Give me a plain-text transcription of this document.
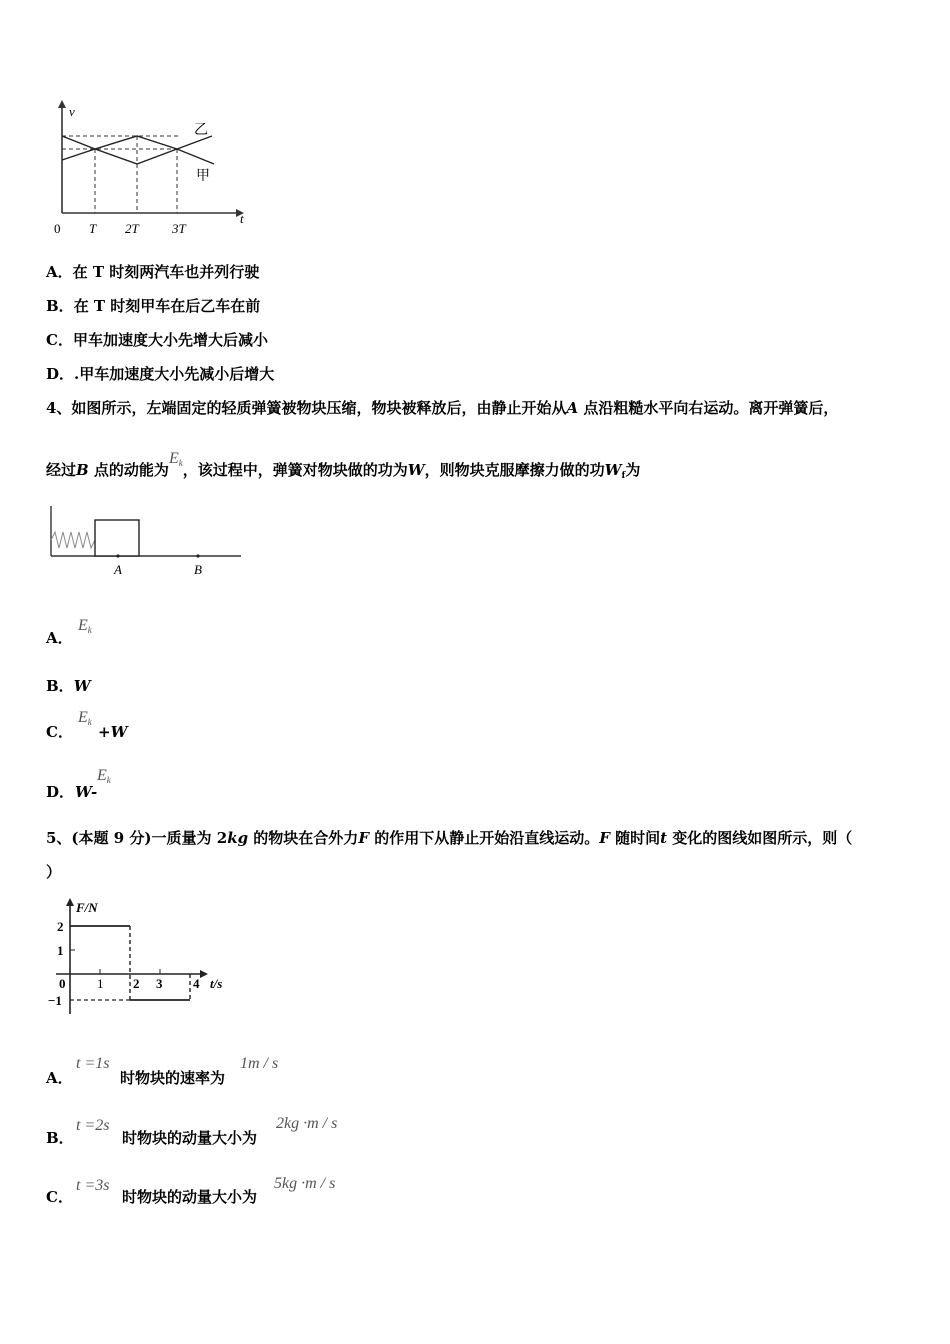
v
t
乙
甲
0 T 2T	3T
A．在 T 时刻两汽车也并列行驶
B．在 T 时刻甲车在后乙车在前
C．甲车加速度大小先增大后减小
D．.甲车加速度大小先减小后增大
4、如图所示，左端固定的轻质弹簧被物块压缩，物块被释放后，由静止开始从A 点沿粗糙水平向右运动。离开弹簧后，
经过B 点的动能为$E_k$，该过程中，弹簧对物块做的功为W，则物块克服摩擦力做的功$W_f$为
A	B
A．
$E_k$
B．W
C．
$E_k$
+W
D． W-
$E_k$
5、(本题 9 分)一质量为 2kg 的物块在合外力F 的作用下从静止开始沿直线运动。F 随时间t 变化的图线如图所示，则（
）
F/N
t/s
2
1
−1
0 1 2 3 4
A．
t =1s
时物块的速率为
1m / s
B．
t =2s
时物块的动量大小为
2kg ·m / s
C．
t =3s
时物块的动量大小为
5kg ·m / s
